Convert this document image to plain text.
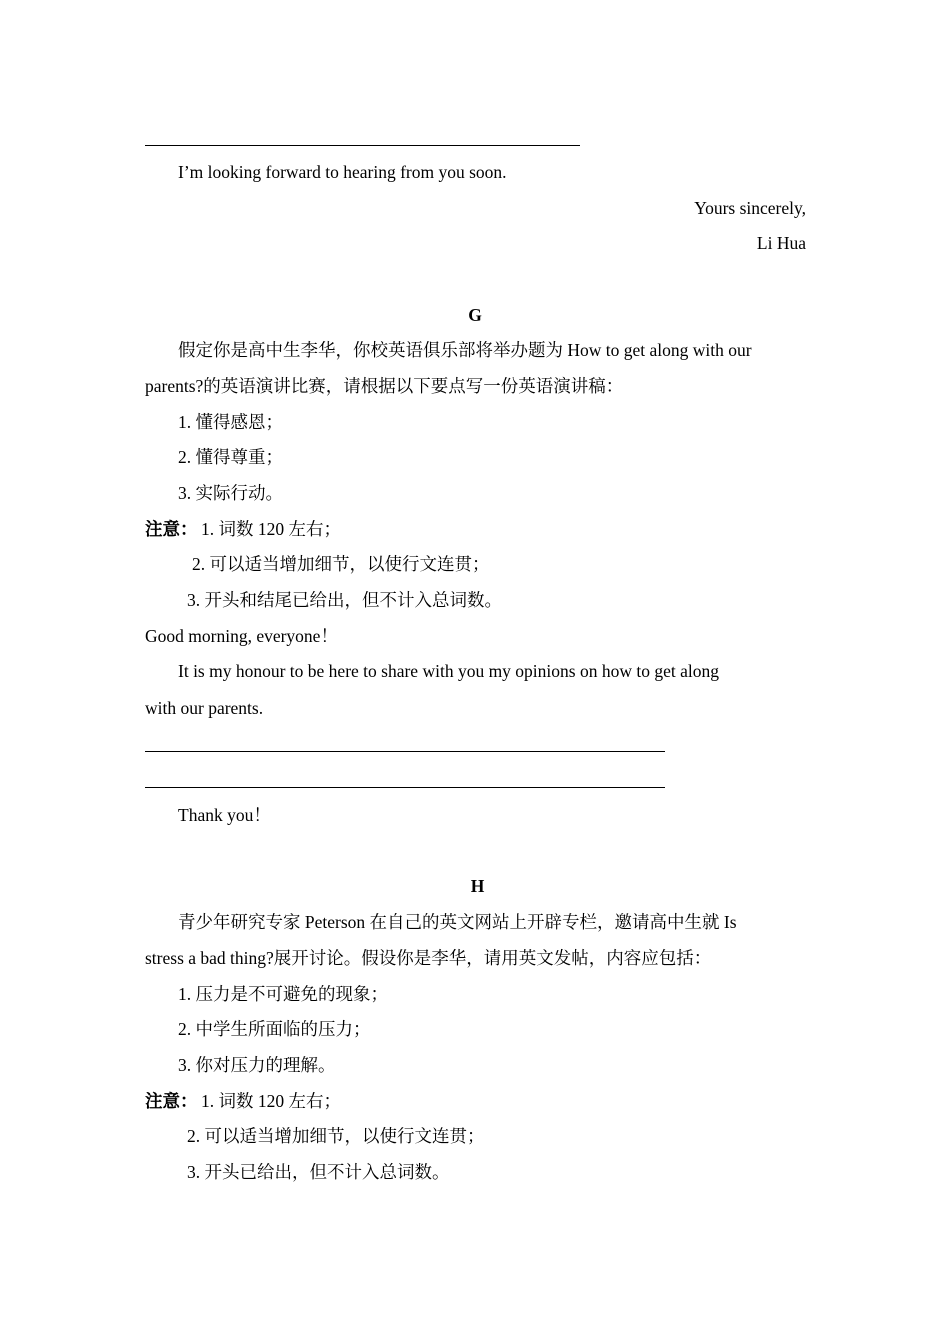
I’m looking forward to hearing from you soon.
Yours sincerely,
Li Hua
G
假定你是高中生李华，你校英语俱乐部将举办题为 How to get along with our
parents?的英语演讲比赛，请根据以下要点写一份英语演讲稿：
1. 懂得感恩；
2. 懂得尊重；
3. 实际行动。
注意： 1. 词数 120 左右；
2. 可以适当增加细节，以使行文连贯；
3. 开头和结尾已给出，但不计入总词数。
Good morning, everyone！
It is my honour to be here to share with you my opinions on how to get along
with our parents.
Thank you！
H
青少年研究专家 Peterson 在自己的英文网站上开辟专栏，邀请高中生就 Is
stress a bad thing?展开讨论。假设你是李华，请用英文发帖，内容应包括：
1. 压力是不可避免的现象；
2. 中学生所面临的压力；
3. 你对压力的理解。
注意： 1. 词数 120 左右；
2. 可以适当增加细节，以使行文连贯；
3. 开头已给出，但不计入总词数。
